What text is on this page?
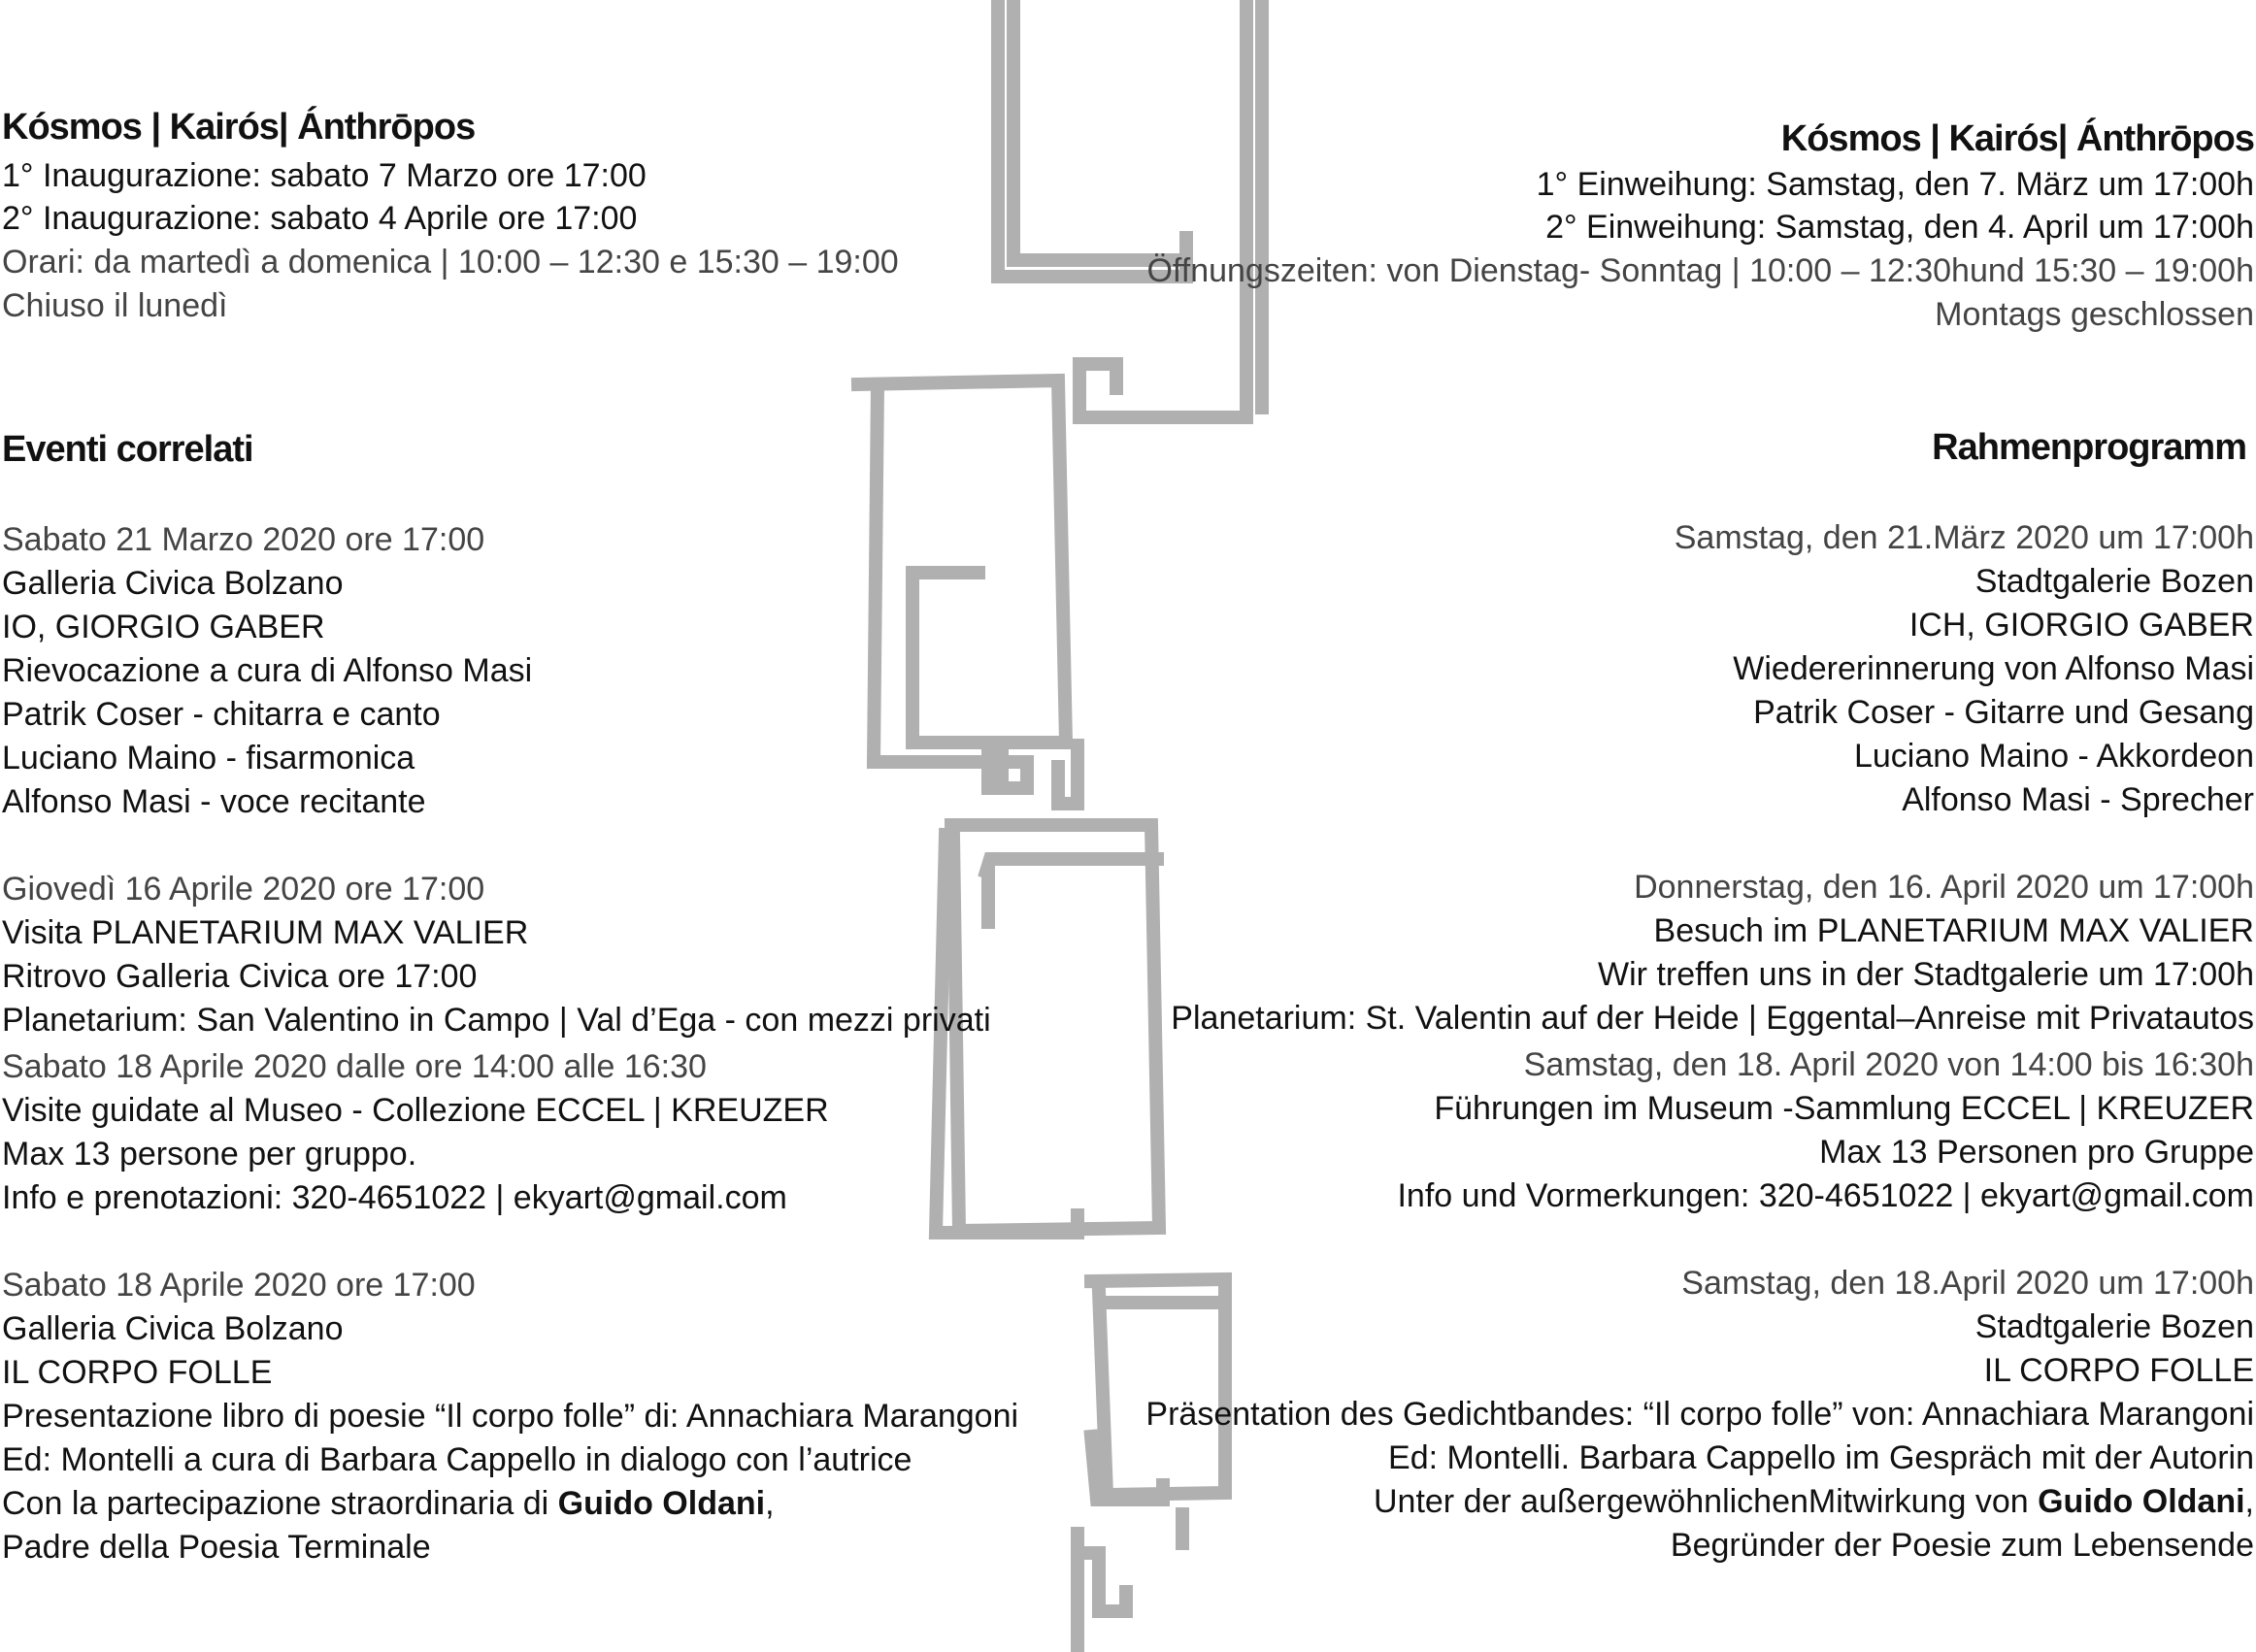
Kósmos | Kairós| Ánthrōpos
1° Inaugurazione: sabato 7 Marzo ore 17:00
2° Inaugurazione: sabato 4 Aprile ore 17:00
Orari: da martedì a domenica | 10:00 – 12:30 e 15:30 – 19:00
Chiuso il lunedì
Eventi correlati
Sabato 21 Marzo 2020 ore 17:00
Galleria Civica Bolzano
IO, GIORGIO GABER
Rievocazione a cura di Alfonso Masi
Patrik Coser - chitarra e canto
Luciano Maino - fisarmonica
Alfonso Masi - voce recitante
Giovedì 16 Aprile 2020 ore 17:00
Visita PLANETARIUM MAX VALIER
Ritrovo Galleria Civica ore 17:00
Planetarium: San Valentino in Campo | Val d’Ega - con mezzi privati
Sabato 18 Aprile 2020 dalle ore 14:00 alle 16:30
Visite guidate al Museo - Collezione ECCEL | KREUZER
Max 13 persone per gruppo.
Info e prenotazioni: 320-4651022 | ekyart@gmail.com
Sabato 18 Aprile 2020 ore 17:00
Galleria Civica Bolzano
IL CORPO FOLLE
Presentazione libro di poesie “Il corpo folle” di: Annachiara Marangoni
Ed: Montelli a cura di Barbara Cappello in dialogo con l’autrice
Con la partecipazione straordinaria di Guido Oldani,
Padre della Poesia Terminale
Kósmos | Kairós| Ánthrōpos
1° Einweihung: Samstag, den 7. März um 17:00h
2° Einweihung: Samstag, den 4. April um 17:00h
Öffnungszeiten: von Dienstag- Sonntag | 10:00 – 12:30hund 15:30 – 19:00h
Montags geschlossen
Rahmenprogramm
Samstag, den 21.März 2020 um 17:00h
Stadtgalerie Bozen
ICH, GIORGIO GABER
Wiedererinnerung von Alfonso Masi
Patrik Coser - Gitarre und Gesang
Luciano Maino - Akkordeon
Alfonso Masi - Sprecher
Donnerstag, den 16. April 2020 um 17:00h
Besuch im PLANETARIUM MAX VALIER
Wir treffen uns in der Stadtgalerie um 17:00h
Planetarium: St. Valentin auf der Heide | Eggental–Anreise mit Privatautos
Samstag, den 18. April 2020 von 14:00 bis 16:30h
Führungen im Museum -Sammlung ECCEL | KREUZER
Max 13 Personen pro Gruppe
Info und Vormerkungen: 320-4651022 | ekyart@gmail.com
Samstag, den 18.April 2020 um 17:00h
Stadtgalerie Bozen
IL CORPO FOLLE
Präsentation des Gedichtbandes: “Il corpo folle” von: Annachiara Marangoni
Ed: Montelli. Barbara Cappello im Gespräch mit der Autorin
Unter der außergewöhnlichenMitwirkung von Guido Oldani,
Begründer der Poesie zum Lebensende
